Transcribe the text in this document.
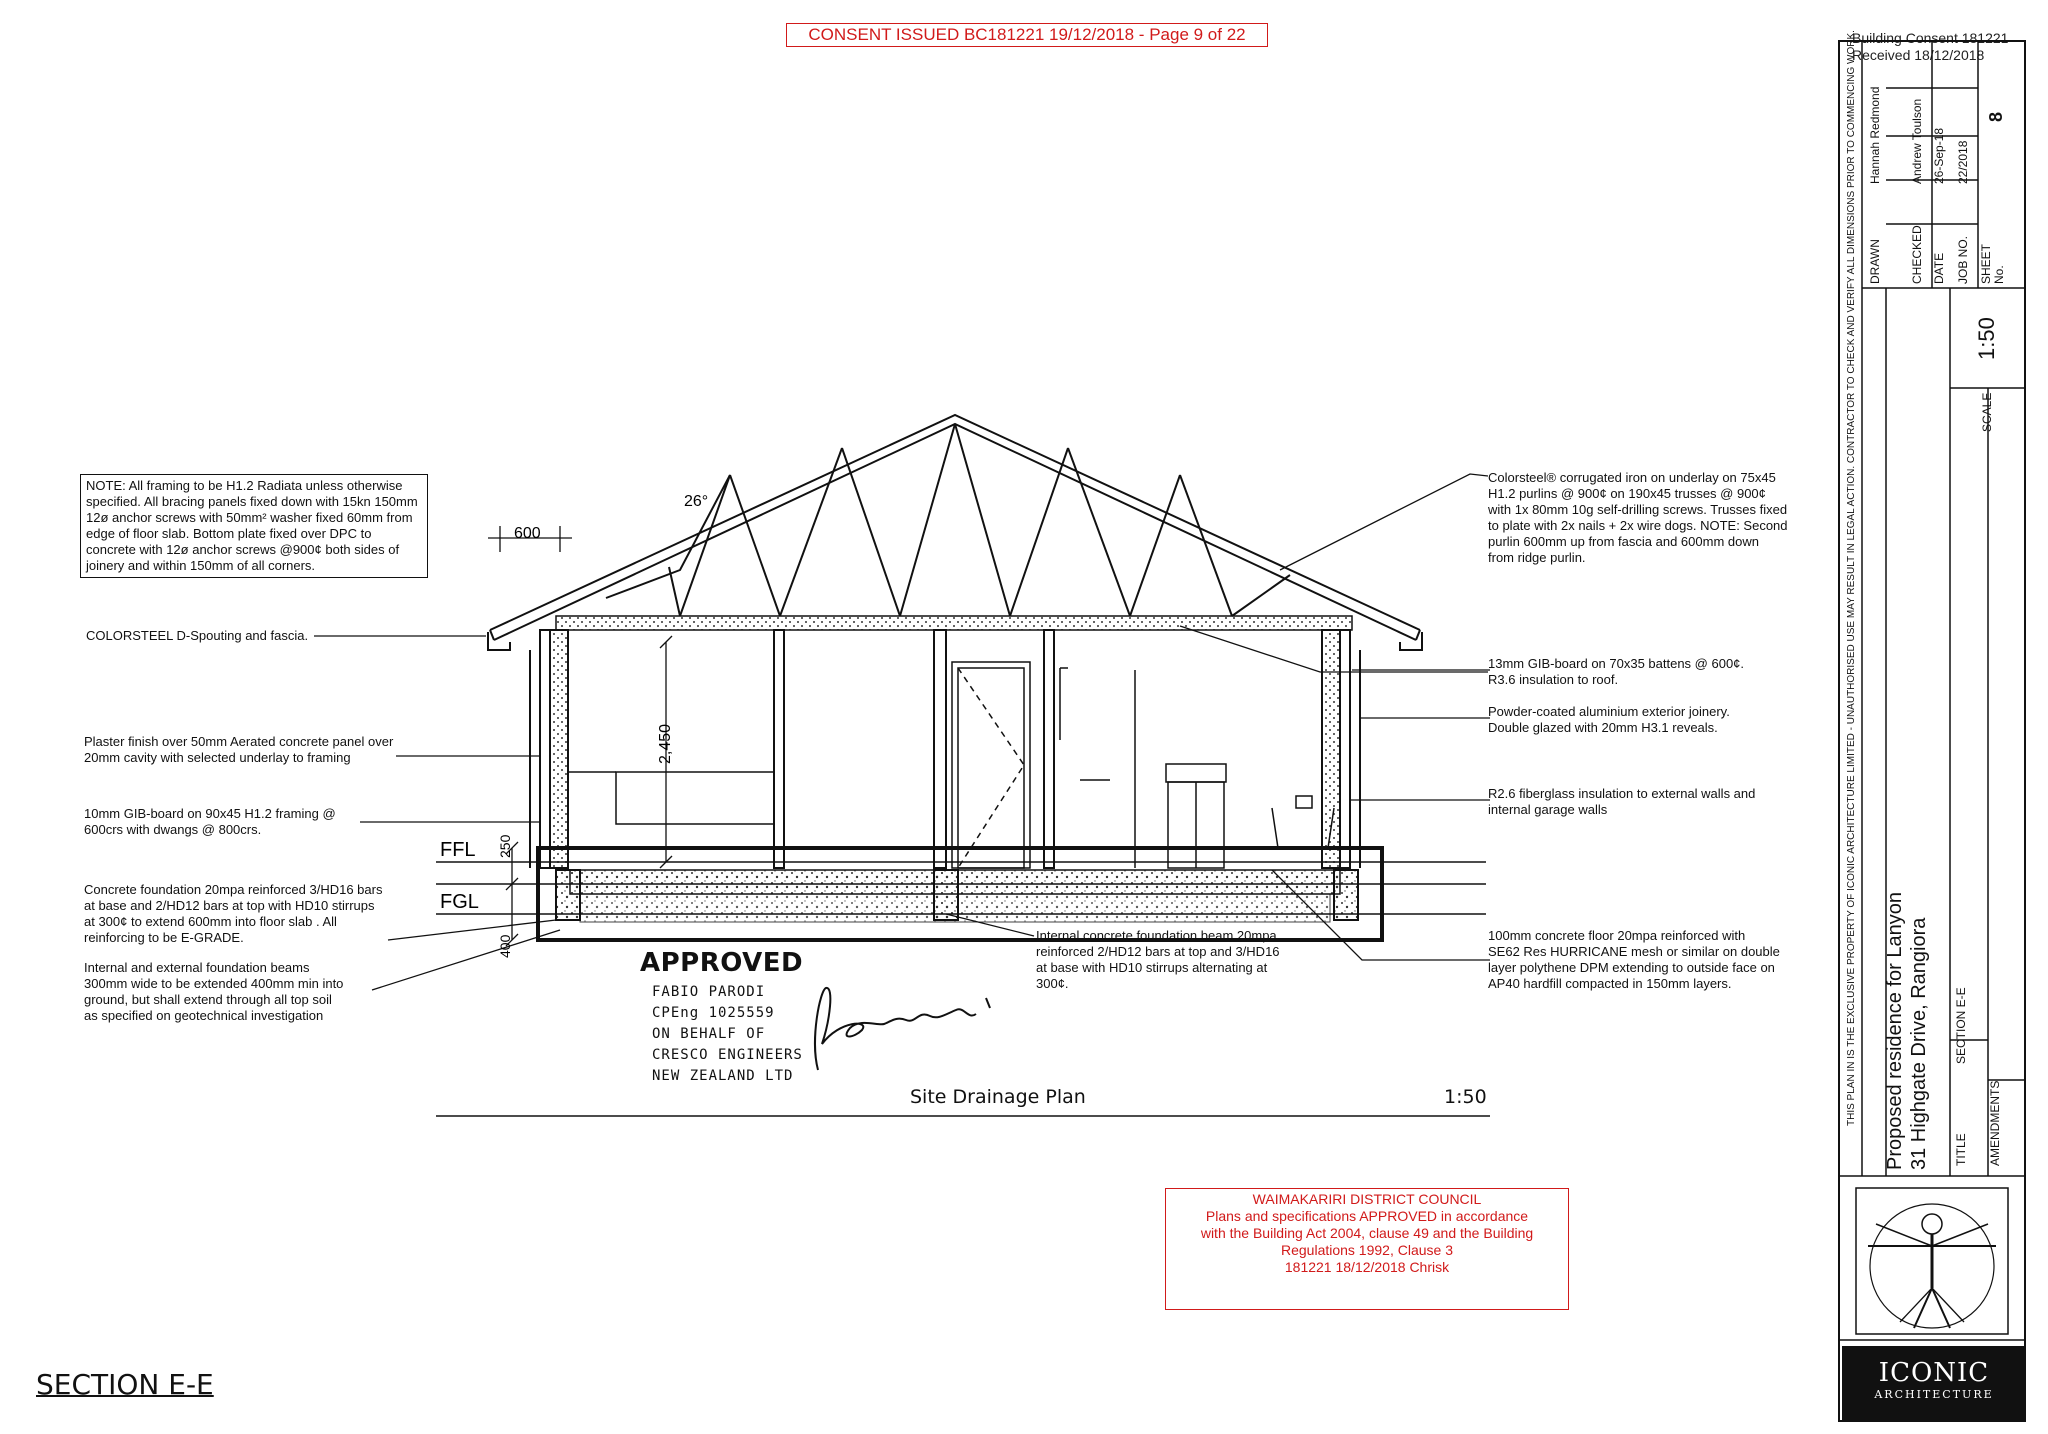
CONSENT ISSUED BC181221 19/12/2018 - Page 9 of 22	Building Consent 181221
Received 18/12/2018
26°
600
2,450
250
400
FFL
FGL
NOTE: All framing to be H1.2 Radiata unless otherwise specified. All bracing panels fixed down with 15kn 150mm 12ø anchor screws with 50mm² washer fixed 60mm from edge of floor slab. Bottom plate fixed over DPC to concrete with 12ø anchor screws @900¢ both sides of joinery and within 150mm of all corners.
COLORSTEEL D-Spouting and fascia.
Plaster finish over 50mm Aerated concrete panel over 20mm cavity with selected underlay to framing
10mm GIB-board on 90x45 H1.2 framing @ 600crs with dwangs @ 800crs.
Concrete foundation 20mpa reinforced 3/HD16 bars at base and 2/HD12 bars at top with HD10 stirrups at 300¢ to extend 600mm into floor slab . All reinforcing to be E-GRADE.
Internal and external foundation beams 300mm wide to be extended 400mm min into ground, but shall extend through all top soil as specified on geotechnical investigation
Colorsteel® corrugated iron on underlay on 75x45 H1.2 purlins @ 900¢ on 190x45 trusses @ 900¢ with 1x 80mm 10g self-drilling screws. Trusses fixed to plate with 2x nails + 2x wire dogs. NOTE: Second purlin 600mm up from fascia and 600mm down from ridge purlin.
13mm GIB-board on 70x35 battens @ 600¢. R3.6 insulation to roof.
Powder-coated aluminium exterior joinery. Double glazed with 20mm H3.1 reveals.
R2.6 fiberglass insulation to external walls and internal garage walls
Internal concrete foundation beam 20mpa reinforced 2/HD12 bars at top and 3/HD16 at base with HD10 stirrups alternating at 300¢.
100mm concrete floor 20mpa reinforced with SE62 Res HURRICANE mesh or similar on double layer polythene DPM extending to outside face on AP40 hardfill compacted in 150mm layers.
APPROVED
FABIO PARODI
CPEng 1025559
ON BEHALF OF
CRESCO ENGINEERS
NEW ZEALAND LTD
Site Drainage Plan	1:50
SECTION E-E
WAIMAKARIRI DISTRICT COUNCIL
Plans and specifications APPROVED in accordance
with the Building Act 2004, clause 49 and the Building
Regulations 1992, Clause 3
181221 18/12/2018 Chrisk
THIS PLAN IN IS THE EXCLUSIVE PROPERTY OF ICONIC ARCHITECTURE LIMITED - UNAUTHORISED USE MAY RESULT IN LEGAL ACTION. CONTRACTOR TO CHECK AND VERIFY ALL DIMENSIONS PRIOR TO COMMENCING WORK. Proposed residence for Lanyon 31 Highgate Drive, Rangiora TITLE
SECTION E-E
AMENDMENTS
DRAWN CHECKED DATE JOB NO. SHEET No.
Hannah Redmond Andrew Toulson 26-Sep-18 22/2018
8
SCALE
1:50
ICONIC
ARCHITECTURE
